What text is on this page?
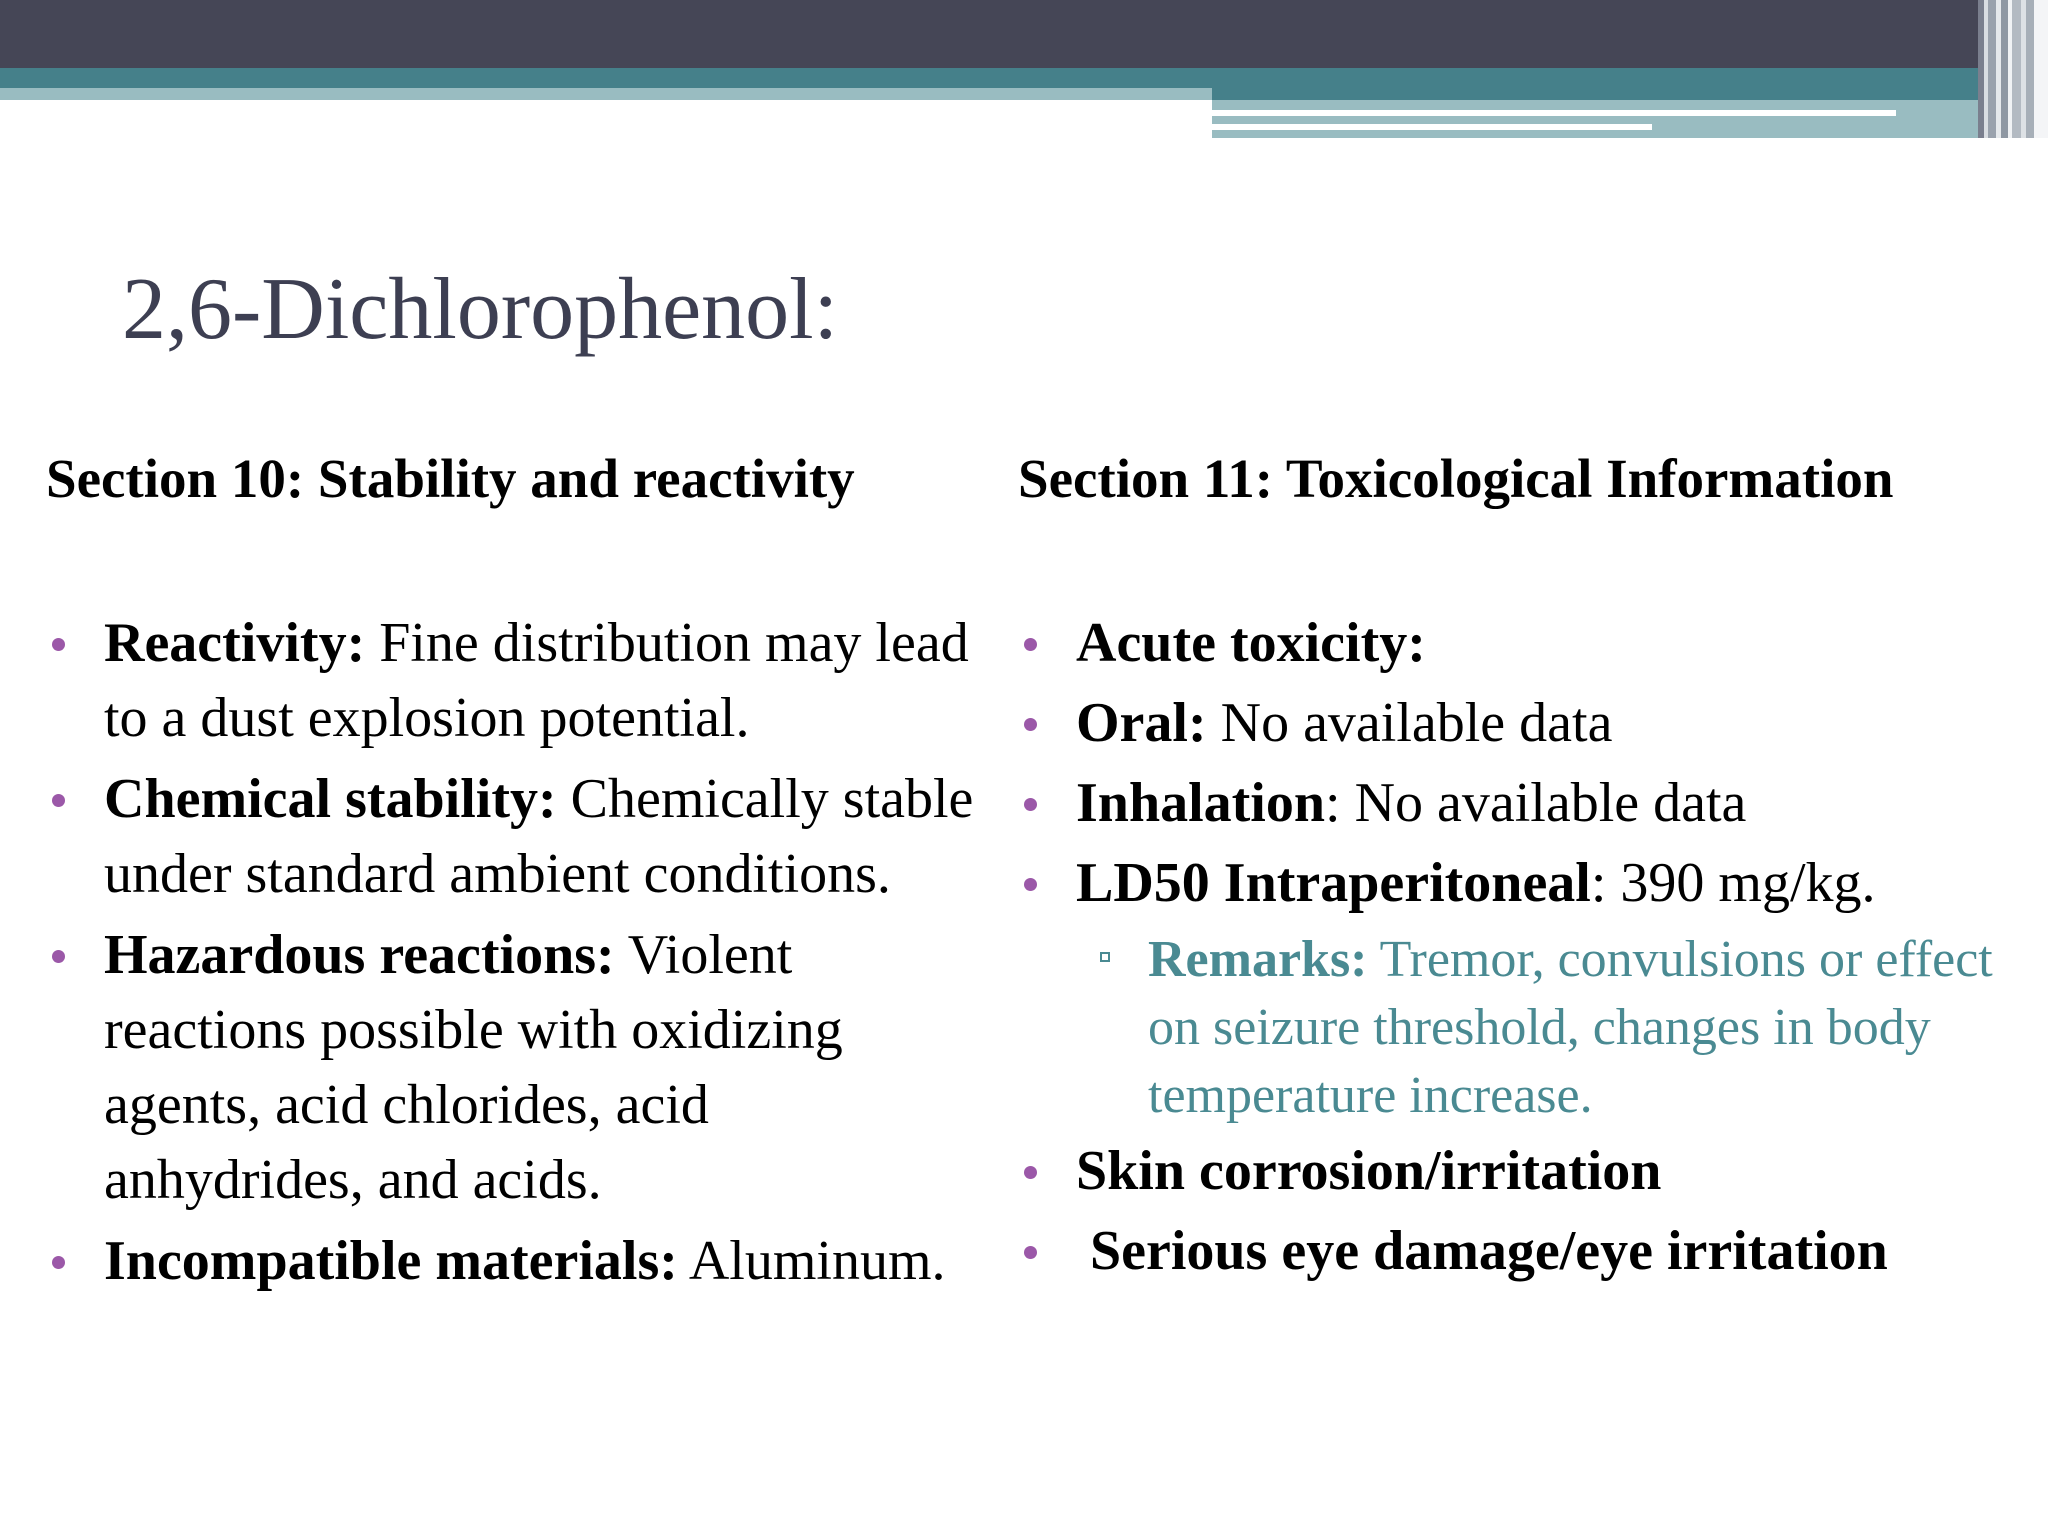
2,6-Dichlorophenol:
Section 10: Stability and reactivity	Section 11: Toxicological Information
Reactivity: Fine distribution may lead to a dust explosion potential.
Chemical stability: Chemically stable under standard ambient conditions.
Hazardous reactions: Violent reactions possible with oxidizing agents, acid chlorides, acid anhydrides, and acids.
Incompatible materials: Aluminum.
Acute toxicity:
Oral: No available data
Inhalation: No available data
LD50 Intraperitoneal: 390 mg/kg.
Remarks: Tremor, convulsions or effect on seizure threshold, changes in body temperature increase.
Skin corrosion/irritation
Serious eye damage/eye irritation
